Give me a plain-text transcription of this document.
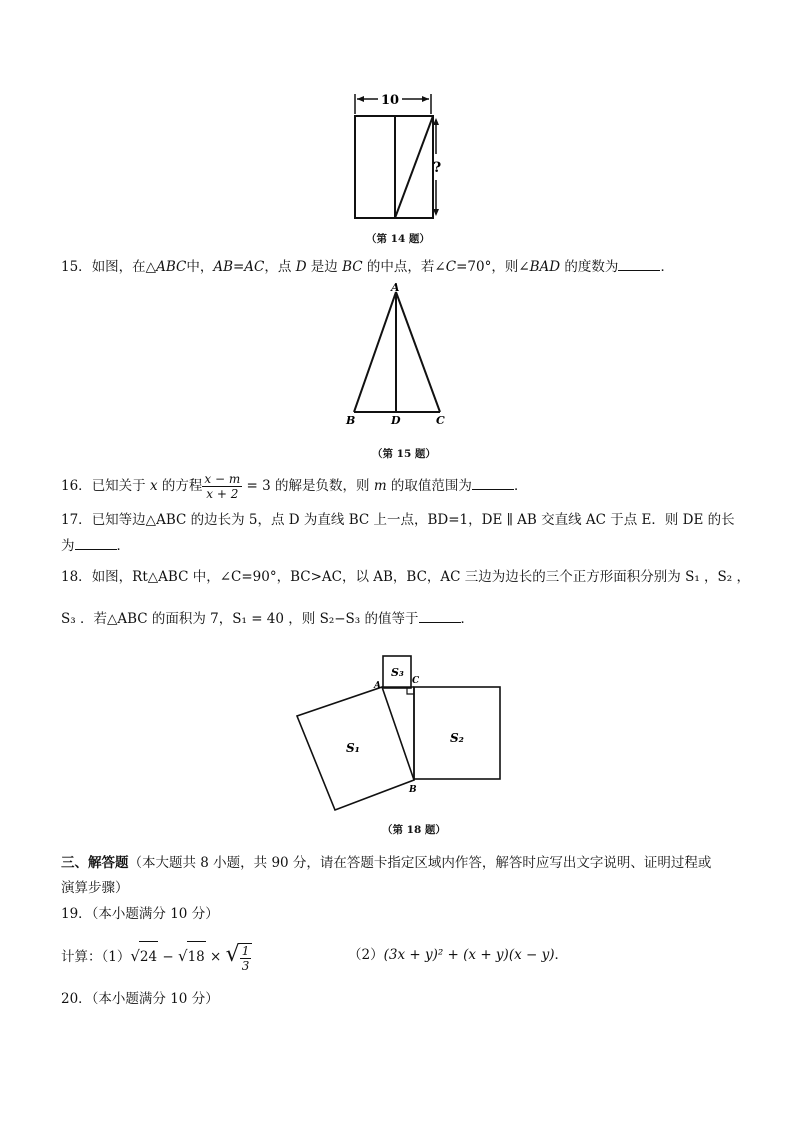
10
?
（第 14 题）
15．如图，在△ABC中，AB=AC，点 D 是边 BC 的中点，若∠C=70°，则∠BAD 的度数为	．
A
B	D	C
（第 15 题）
16．已知关于 x 的方程 $\frac{x - m}{x + 2} = 3$ 的解是负数，则 m 的取值范围为	．
17．已知等边△ABC 的边长为 5，点 D 为直线 BC 上一点，BD=1，DE ∥ AB 交直线 AC 于点 E．则 DE 的长
为	．
18．如图，Rt△ABC 中，∠C=90°，BC>AC，以 AB，BC，AC 三边为边长的三个正方形面积分别为 S₁ ，S₂ ，
S₃ ．若△ABC 的面积为 7，S₁ = 40 ，则 S₂−S₃ 的值等于	．
S₃
S₂
S₁
A	C
B
（第 18 题）
三、解答题（本大题共 8 小题，共 90 分，请在答题卡指定区域内作答，解答时应写出文字说明、证明过程或
演算步骤）
19．（本小题满分 10 分）
计算：（1）√24 − √18 × √ $\frac{1}{3}$	（2）(3x + y)² + (x + y)(x − y)．
20．（本小题满分 10 分）
